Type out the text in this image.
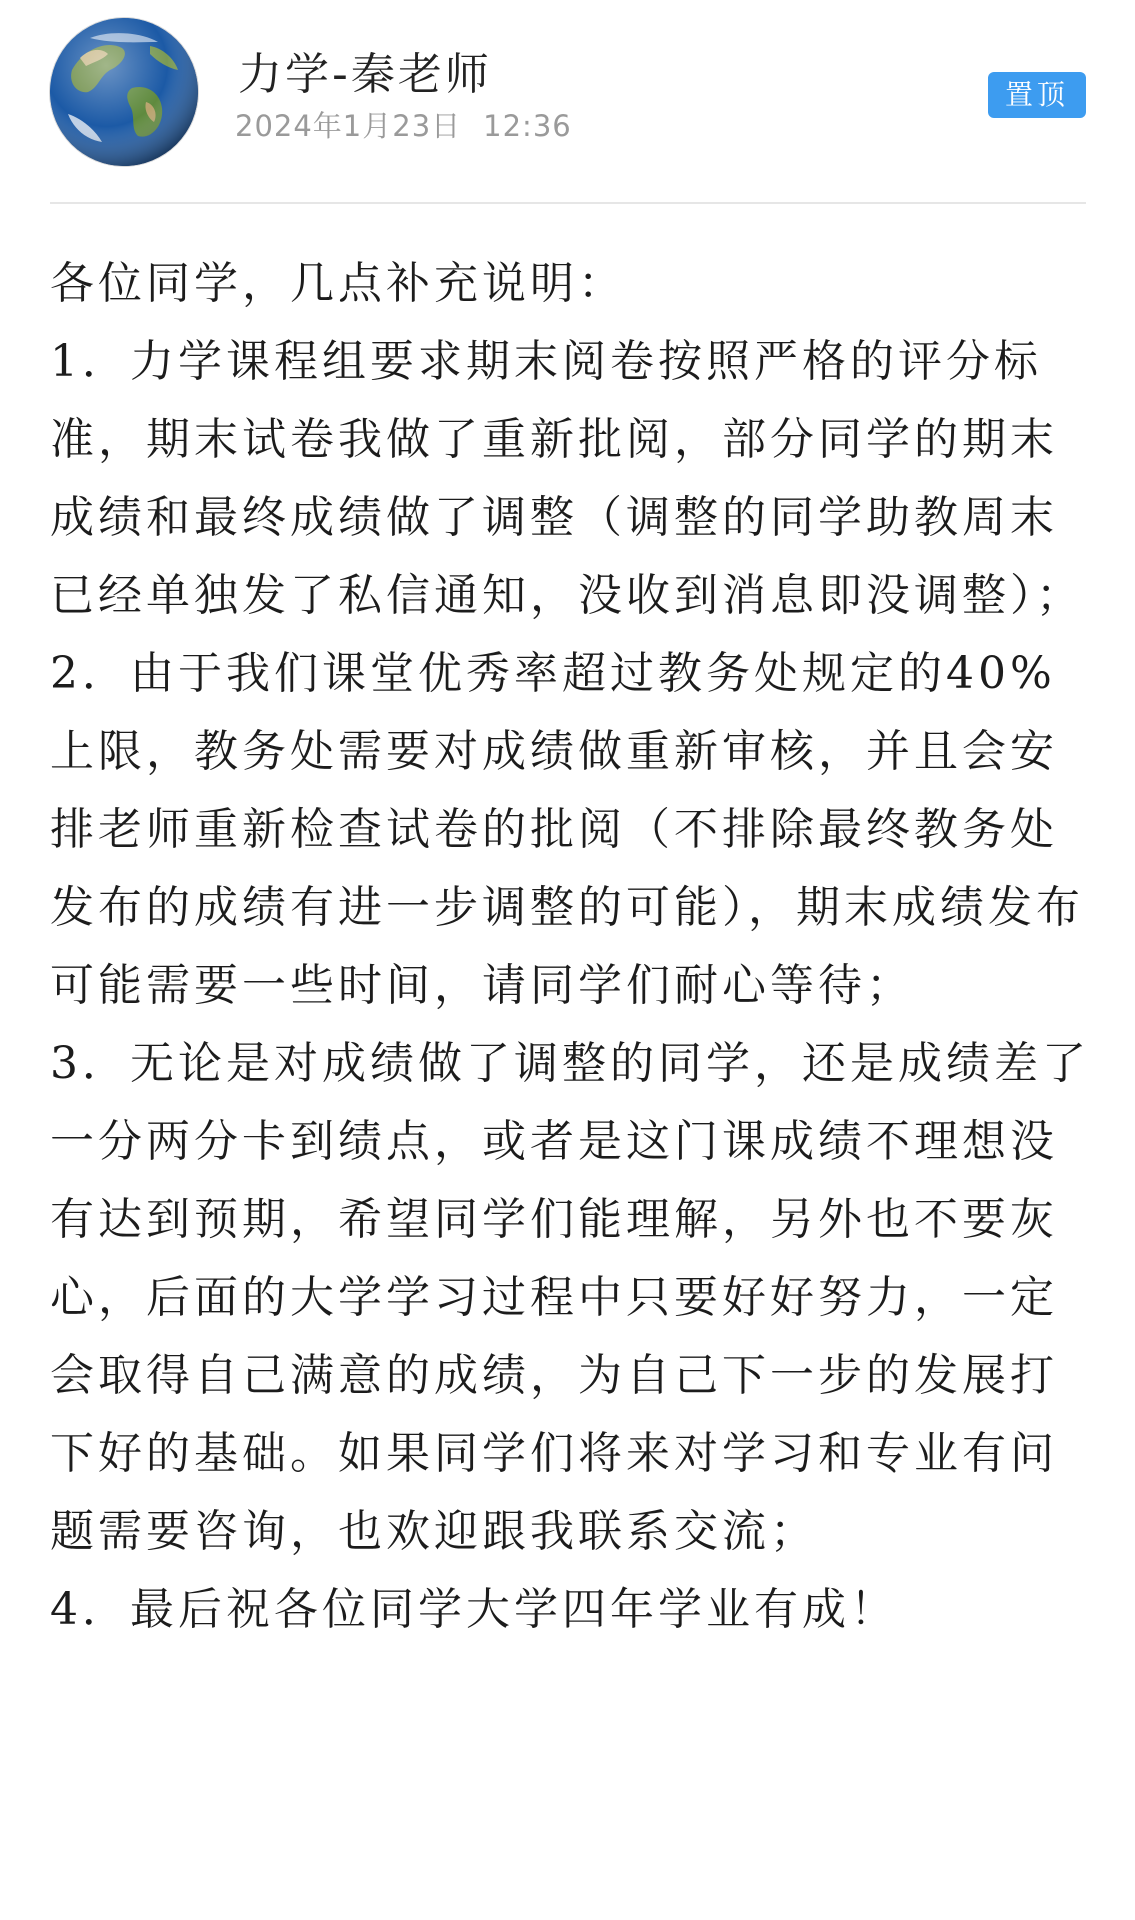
力学-秦老师
2024年1月23日 12:36
置顶

各位同学，几点补充说明：

1．力学课程组要求期末阅卷按照严格的评分标准，期末试卷我做了重新批阅，部分同学的期末成绩和最终成绩做了调整（调整的同学助教周末已经单独发了私信通知，没收到消息即没调整）；

2．由于我们课堂优秀率超过教务处规定的40%上限，教务处需要对成绩做重新审核，并且会安排老师重新检查试卷的批阅（不排除最终教务处发布的成绩有进一步调整的可能），期末成绩发布可能需要一些时间，请同学们耐心等待；

3．无论是对成绩做了调整的同学，还是成绩差了一分两分卡到绩点，或者是这门课成绩不理想没有达到预期，希望同学们能理解，另外也不要灰心，后面的大学学习过程中只要好好努力，一定会取得自己满意的成绩，为自己下一步的发展打下好的基础。如果同学们将来对学习和专业有问题需要咨询，也欢迎跟我联系交流；

4．最后祝各位同学大学四年学业有成！
